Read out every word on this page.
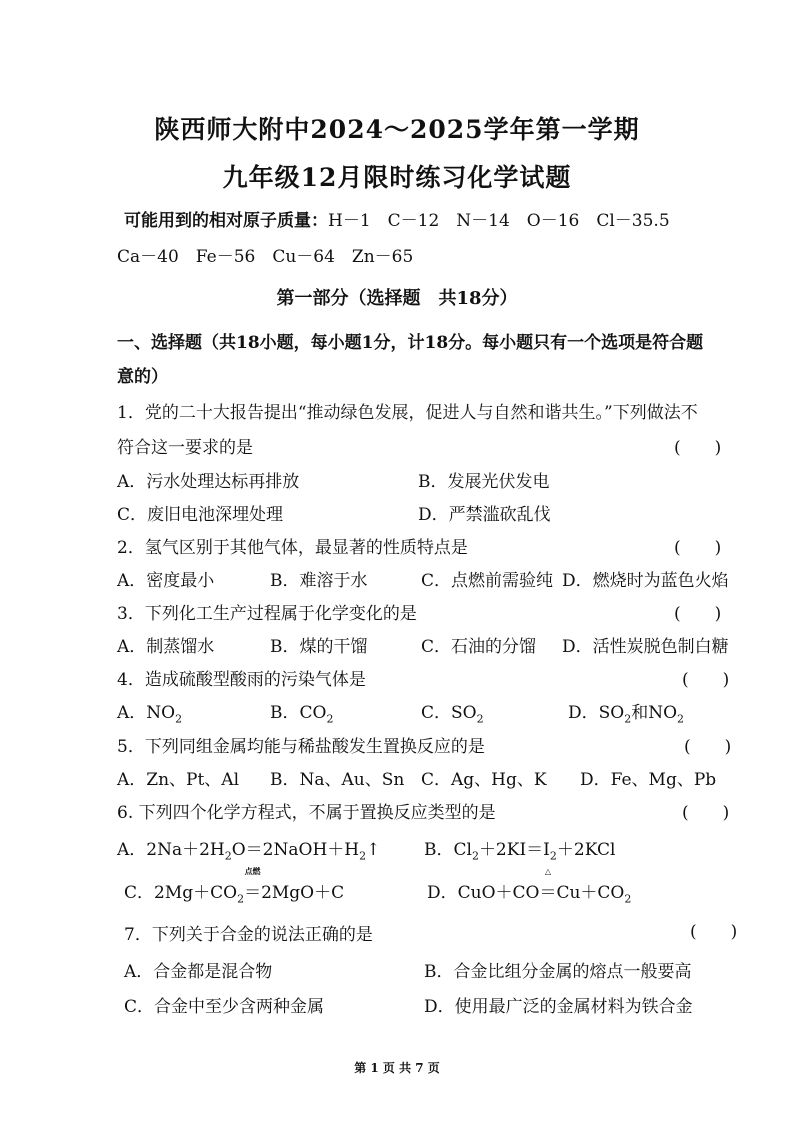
陕西师大附中2024～2025学年第一学期
九年级12月限时练习化学试题
可能用到的相对原子质量：H－1　C－12　N－14　O－16　Cl－35.5
Ca－40　Fe－56　Cu－64　Zn－65
第一部分（选择题　共18分）
一、选择题（共18小题，每小题1分，计18分。每小题只有一个选项是符合题
意的）
1．党的二十大报告提出“推动绿色发展，促进人与自然和谐共生。”下列做法不
符合这一要求的是	(　　)
A．污水处理达标再排放	B．发展光伏发电
C．废旧电池深埋处理	D．严禁滥砍乱伐
2．氢气区别于其他气体，最显著的性质特点是	(　　)
A．密度最小	B．难溶于水	C．点燃前需验纯 D．燃烧时为蓝色火焰
3．下列化工生产过程属于化学变化的是	(　　)
A．制蒸馏水	B．煤的干馏	C．石油的分馏 D．活性炭脱色制白糖
4．造成硫酸型酸雨的污染气体是	(　　)
A．$NO_2$	B．$CO_2$	C．$SO_2$	D．$SO_2$和$NO_2$
5．下列同组金属均能与稀盐酸发生置换反应的是	(　　)
A．Zn、Pt、Al B．Na、Au、Sn C．Ag、Hg、K D．Fe、Mg、Pb
6. 下列四个化学方程式，不属于置换反应类型的是	(　　)
A．$2Na+2H_2O=2NaOH+H_2↑$	B．$Cl_2+2KI=I_2+2KCl$
C．$2Mg+CO_2$
点燃
＝2MgO＋C	D．CuO＋CO
△
$=Cu+CO_2$
7．下列关于合金的说法正确的是	(　　)
A．合金都是混合物	B．合金比组分金属的熔点一般要高
C．合金中至少含两种金属	D．使用最广泛的金属材料为铁合金
第 1 页 共 7 页
